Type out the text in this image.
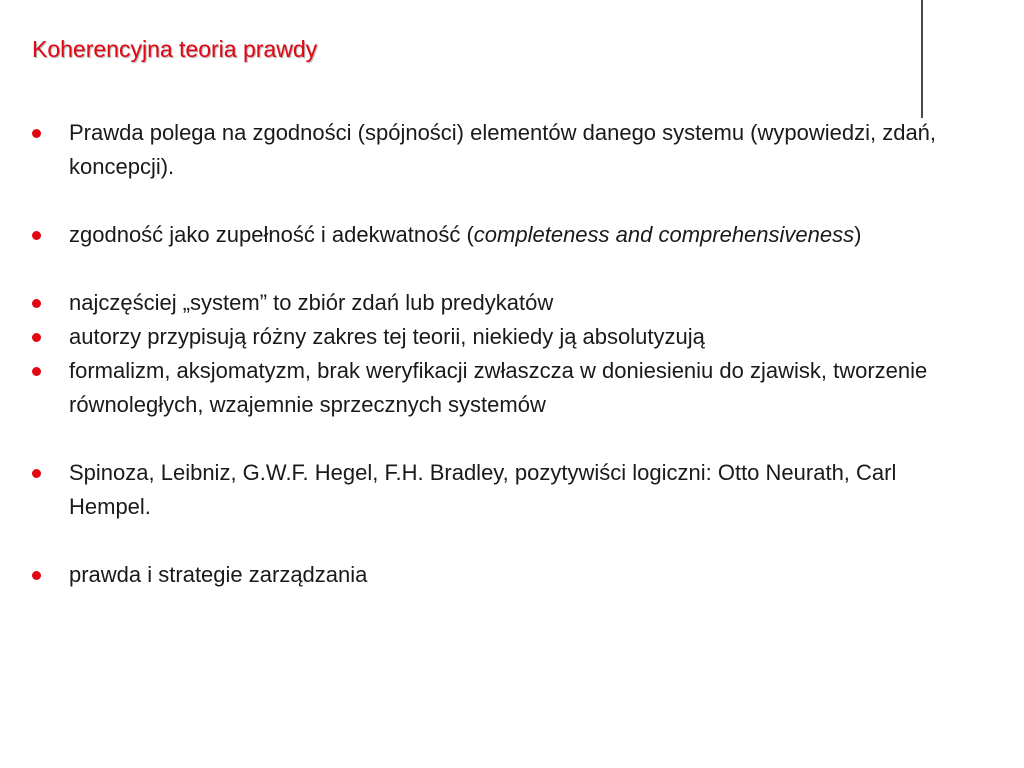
Koherencyjna teoria prawdy
Prawda polega na zgodności (spójności) elementów danego systemu (wypowiedzi, zdań, koncepcji).
zgodność jako zupełność i adekwatność (completeness and comprehensiveness)
najczęściej „system” to zbiór zdań lub predykatów
autorzy przypisują różny zakres tej teorii, niekiedy ją absolutyzują
formalizm, aksjomatyzm, brak weryfikacji zwłaszcza w doniesieniu do zjawisk, tworzenie równoległych, wzajemnie sprzecznych systemów
Spinoza, Leibniz, G.W.F. Hegel, F.H. Bradley, pozytywiści logiczni: Otto Neurath, Carl Hempel.
prawda i strategie zarządzania
